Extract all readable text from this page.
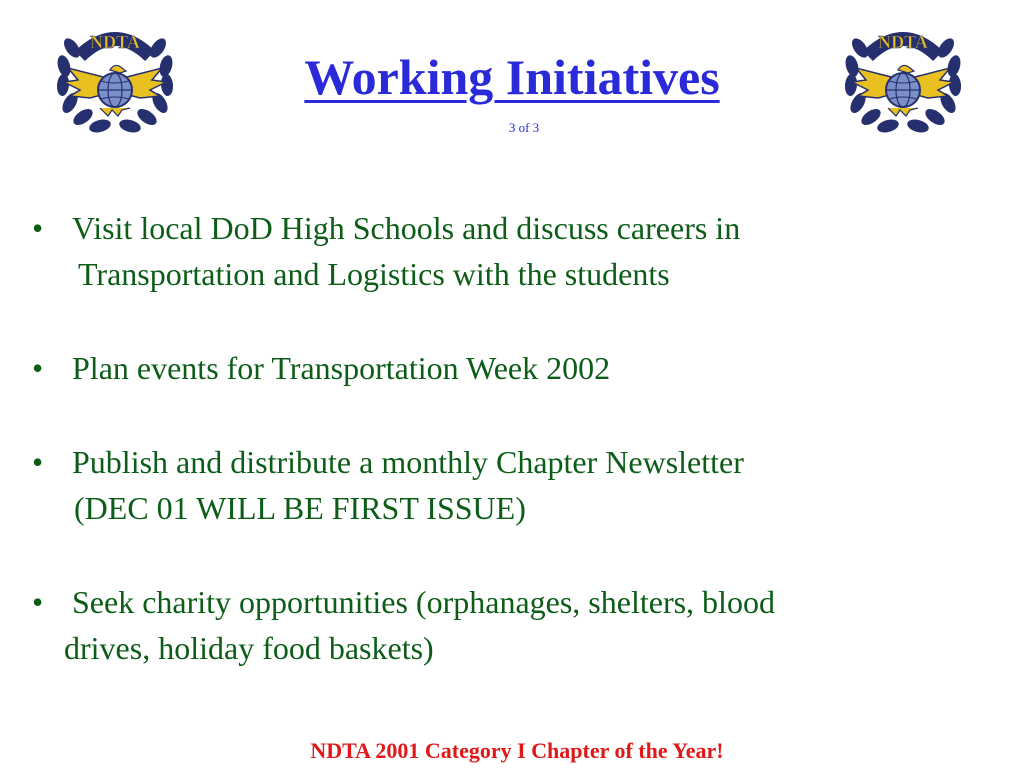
NDTA	NDTA
Working Initiatives
3 of 3
• Visit local DoD High Schools and discuss careers in
Transportation and Logistics with the students
• Plan events for Transportation Week 2002
• Publish and distribute a monthly Chapter Newsletter
(DEC 01 WILL BE FIRST ISSUE)
• Seek charity opportunities (orphanages, shelters, blood
drives, holiday food baskets)
NDTA 2001 Category I Chapter of the Year!
